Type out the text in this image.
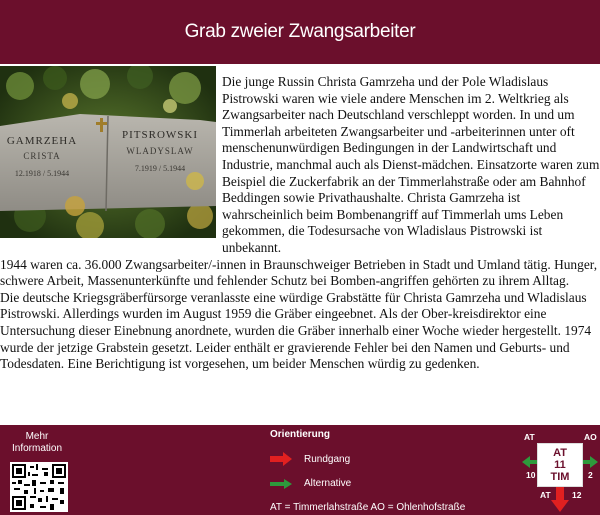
Grab zweier Zwangsarbeiter
GAMRZEHA
CRISTA
12.1918 / 5.1944
PITSROWSKI
WLADYSLAW
7.1919 / 5.1944

Die junge Russin Christa Gamrzeha und der Pole Wladislaus Pistrowski waren wie viele andere Menschen im 2. Weltkrieg als Zwangsarbeiter nach Deutschland verschleppt worden. In und um Timmerlah arbeiteten Zwangsarbeiter und -arbeiterinnen unter oft menschenunwürdigen Bedingungen in der Landwirtschaft und Industrie, manchmal auch als Dienst-mädchen. Einsatzorte waren zum Beispiel die Zuckerfabrik an der Timmerlahstraße oder am Bahnhof Beddingen sowie Privathaushalte. Christa Gamrzeha ist wahrscheinlich beim Bombenangriff auf Timmerlah ums Leben gekommen, die Todesursache von Wladislaus Pistrowski ist unbekannt.

1944 waren ca. 36.000 Zwangsarbeiter/-innen in Braunschweiger Betrieben in Stadt und Umland tätig. Hunger, schwere Arbeit, Massenunterkünfte und fehlender Schutz bei Bomben-angriffen gehörten zu ihrem Alltag.

Die deutsche Kriegsgräberfürsorge veranlasste eine würdige Grabstätte für Christa Gamrzeha und Wladislaus Pistrowski. Allerdings wurden im August 1959 die Gräber eingeebnet. Als der Ober-kreisdirektor eine Untersuchung dieser Einebnung anordnete, wurden die Gräber innerhalb einer Woche wieder hergestellt. 1974 wurde der jetzige Grabstein gesetzt. Leider enthält er gravierende Fehler bei den Namen und Geburts- und Todesdaten. Eine Berichtigung ist vorgesehen, um beider Menschen würdig zu gedenken.

Mehr
Information
Orientierung
Rundgang
Alternative
AT = Timmerlahstraße AO = Ohlenhofstraße
AT
11
TIM
AT
10
AO
2
AT	12
